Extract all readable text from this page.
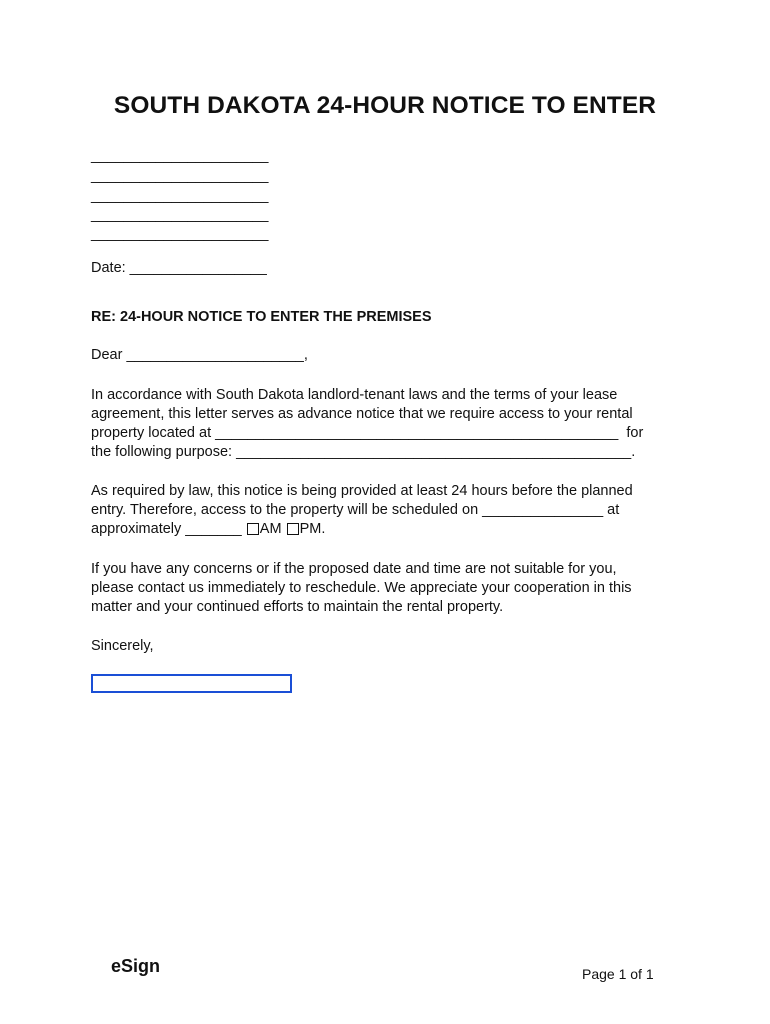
SOUTH DAKOTA 24-HOUR NOTICE TO ENTER
______________________
______________________
______________________
______________________
______________________
Date: _________________
RE: 24-HOUR NOTICE TO ENTER THE PREMISES
Dear ______________________,
In accordance with South Dakota landlord-tenant laws and the terms of your lease
agreement, this letter serves as advance notice that we require access to your rental
property located at __________________________________________________  for
the following purpose: _________________________________________________.
As required by law, this notice is being provided at least 24 hours before the planned
entry. Therefore, access to the property will be scheduled on _______________ at
approximately _______ AM PM.
If you have any concerns or if the proposed date and time are not suitable for you,
please contact us immediately to reschedule. We appreciate your cooperation in this
matter and your continued efforts to maintain the rental property.
Sincerely,
eSign	Page 1 of 1
